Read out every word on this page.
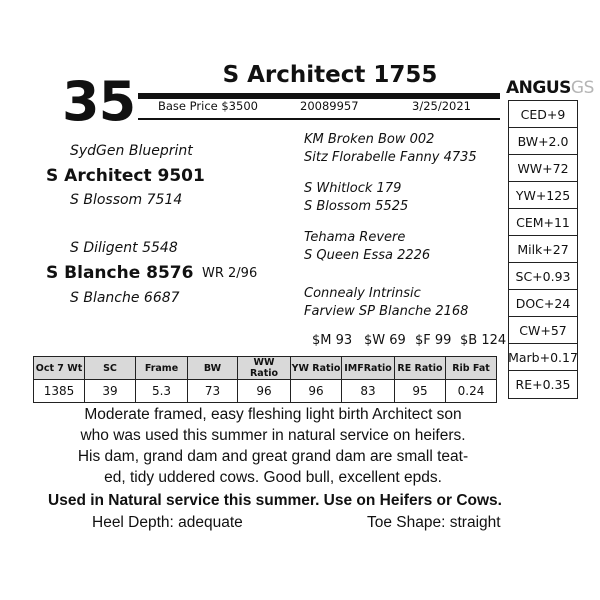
35	S Architect 1755
Base Price $3500	20089957	3/25/2021
ANGUSGS
SydGen Blueprint
S Architect 9501
S Blossom 7514
S Diligent 5548
S Blanche 8576 WR 2/96
S Blanche 6687
KM Broken Bow 002
Sitz Florabelle Fanny 4735
S Whitlock 179
S Blossom 5525
Tehama Revere
S Queen Essa 2226
Connealy Intrinsic
Farview SP Blanche 2168
CED+9
BW+2.0
WW+72
YW+125
CEM+11
Milk+27
SC+0.93
DOC+24
CW+57
Marb+0.17
RE+0.35
$M 93 $W 69 $F 99 $B 124
Oct 7 Wt	SC	Frame	BW	WW Ratio	YW Ratio	IMFRatio	RE Ratio	Rib Fat
1385	39	5.3	73	96	96	83	95	0.24
Moderate framed, easy fleshing light birth Architect son
who was used this summer in natural service on heifers.
His dam, grand dam and great grand dam are small teat-
ed, tidy uddered cows. Good bull, excellent epds.
Used in Natural service this summer. Use on Heifers or Cows.
Heel Depth: adequate	Toe Shape: straight
